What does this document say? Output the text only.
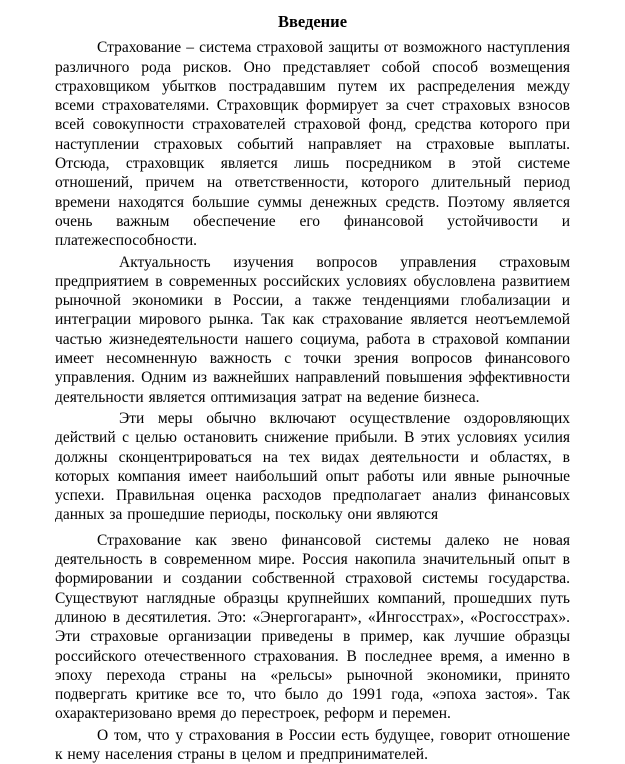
Введение

Страхование – система страховой защиты от возможного наступления различного рода рисков. Оно представляет собой способ возмещения страховщиком убытков пострадавшим путем их распределения между всеми страхователями. Страховщик формирует за счет страховых взносов всей совокупности страхователей страховой фонд, средства которого при наступлении страховых событий направляет на страховые выплаты. Отсюда, страховщик является лишь посредником в этой системе отношений, причем на ответственности, которого длительный период времени находятся большие суммы денежных средств. Поэтому является очень важным обеспечение его финансовой устойчивости и платежеспособности.

Актуальность изучения вопросов управления страховым предприятием в современных российских условиях обусловлена развитием рыночной экономики в России, а также тенденциями глобализации и интеграции мирового рынка. Так как страхование является неотъемлемой частью жизнедеятельности нашего социума, работа в страховой компании имеет несомненную важность с точки зрения вопросов финансового управления. Одним из важнейших направлений повышения эффективности деятельности является оптимизация затрат на ведение бизнеса.

Эти меры обычно включают осуществление оздоровляющих действий с целью остановить снижение прибыли. В этих условиях усилия должны сконцентрироваться на тех видах деятельности и областях, в которых компания имеет наибольший опыт работы или явные рыночные успехи. Правильная оценка расходов предполагает анализ финансовых данных за прошедшие периоды, поскольку они являются

Страхование как звено финансовой системы далеко не новая деятельность в современном мире. Россия накопила значительный опыт в формировании и создании собственной страховой системы государства. Существуют наглядные образцы крупнейших компаний, прошедших путь длиною в десятилетия. Это: «Энергогарант», «Ингосстрах», «Росгосстрах». Эти страховые организации приведены в пример, как лучшие образцы российского отечественного страхования. В последнее время, а именно в эпоху перехода страны на «рельсы» рыночной экономики, принято подвергать критике все то, что было до 1991 года, «эпоха застоя». Так охарактеризовано время до перестроек, реформ и перемен.

О том, что у страхования в России есть будущее, говорит отношение к нему населения страны в целом и предпринимателей.
